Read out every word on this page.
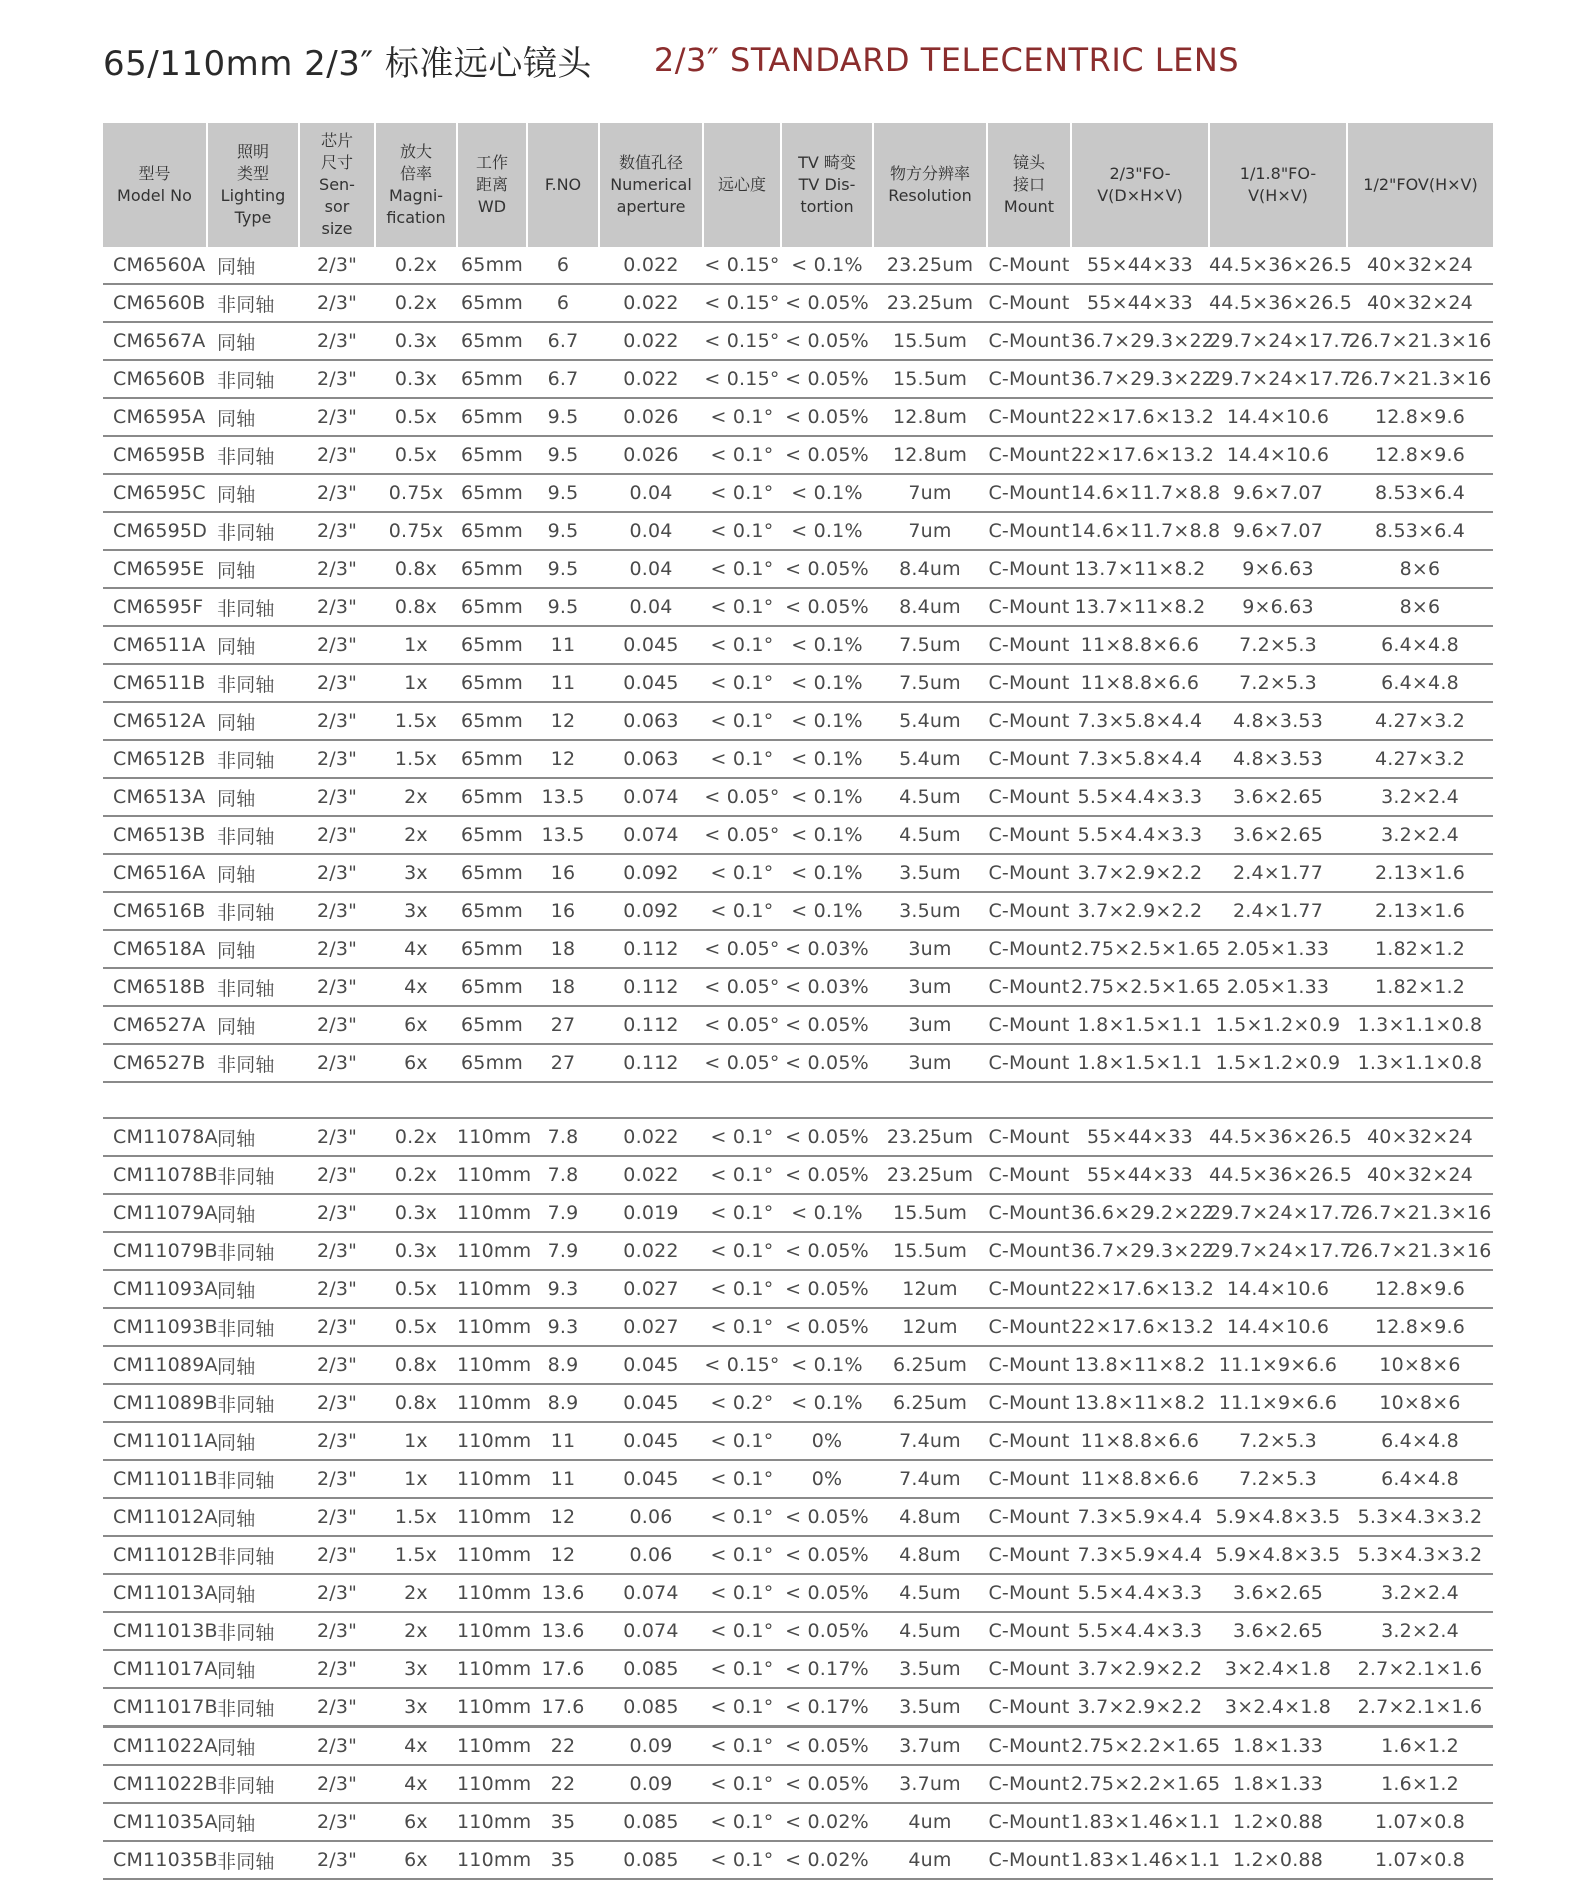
65/110mm 2/3″ 标准远心镜头 2/3″ STANDARD TELECENTRIC LENS
型号
Model No	照明
类型
Lighting
Type	芯片
尺寸
Sen-
sor
size	放大
倍率
Magni-
fication	工作
距离
WD	F.NO	数值孔径
Numerical
aperture	远心度	TV 畸变
TV Dis-
tortion	物方分辨率
Resolution	镜头
接口
Mount	2/3"FO-
V(D×H×V)	1/1.8"FO-
V(H×V)	1/2"FOV(H×V)
CM6560A	同轴	2/3"	0.2x	65mm	6	0.022	< 0.15°	< 0.1%	23.25um	C-Mount	55×44×33	44.5×36×26.5	40×32×24
CM6560B	非同轴	2/3"	0.2x	65mm	6	0.022	< 0.15°	< 0.05%	23.25um	C-Mount	55×44×33	44.5×36×26.5	40×32×24
CM6567A	同轴	2/3"	0.3x	65mm	6.7	0.022	< 0.15°	< 0.05%	15.5um	C-Mount	36.7×29.3×22	29.7×24×17.7	26.7×21.3×16
CM6560B	非同轴	2/3"	0.3x	65mm	6.7	0.022	< 0.15°	< 0.05%	15.5um	C-Mount	36.7×29.3×22	29.7×24×17.7	26.7×21.3×16
CM6595A	同轴	2/3"	0.5x	65mm	9.5	0.026	< 0.1°	< 0.05%	12.8um	C-Mount	22×17.6×13.2	14.4×10.6	12.8×9.6
CM6595B	非同轴	2/3"	0.5x	65mm	9.5	0.026	< 0.1°	< 0.05%	12.8um	C-Mount	22×17.6×13.2	14.4×10.6	12.8×9.6
CM6595C	同轴	2/3"	0.75x	65mm	9.5	0.04	< 0.1°	< 0.1%	7um	C-Mount	14.6×11.7×8.8	9.6×7.07	8.53×6.4
CM6595D	非同轴	2/3"	0.75x	65mm	9.5	0.04	< 0.1°	< 0.1%	7um	C-Mount	14.6×11.7×8.8	9.6×7.07	8.53×6.4
CM6595E	同轴	2/3"	0.8x	65mm	9.5	0.04	< 0.1°	< 0.05%	8.4um	C-Mount	13.7×11×8.2	9×6.63	8×6
CM6595F	非同轴	2/3"	0.8x	65mm	9.5	0.04	< 0.1°	< 0.05%	8.4um	C-Mount	13.7×11×8.2	9×6.63	8×6
CM6511A	同轴	2/3"	1x	65mm	11	0.045	< 0.1°	< 0.1%	7.5um	C-Mount	11×8.8×6.6	7.2×5.3	6.4×4.8
CM6511B	非同轴	2/3"	1x	65mm	11	0.045	< 0.1°	< 0.1%	7.5um	C-Mount	11×8.8×6.6	7.2×5.3	6.4×4.8
CM6512A	同轴	2/3"	1.5x	65mm	12	0.063	< 0.1°	< 0.1%	5.4um	C-Mount	7.3×5.8×4.4	4.8×3.53	4.27×3.2
CM6512B	非同轴	2/3"	1.5x	65mm	12	0.063	< 0.1°	< 0.1%	5.4um	C-Mount	7.3×5.8×4.4	4.8×3.53	4.27×3.2
CM6513A	同轴	2/3"	2x	65mm	13.5	0.074	< 0.05°	< 0.1%	4.5um	C-Mount	5.5×4.4×3.3	3.6×2.65	3.2×2.4
CM6513B	非同轴	2/3"	2x	65mm	13.5	0.074	< 0.05°	< 0.1%	4.5um	C-Mount	5.5×4.4×3.3	3.6×2.65	3.2×2.4
CM6516A	同轴	2/3"	3x	65mm	16	0.092	< 0.1°	< 0.1%	3.5um	C-Mount	3.7×2.9×2.2	2.4×1.77	2.13×1.6
CM6516B	非同轴	2/3"	3x	65mm	16	0.092	< 0.1°	< 0.1%	3.5um	C-Mount	3.7×2.9×2.2	2.4×1.77	2.13×1.6
CM6518A	同轴	2/3"	4x	65mm	18	0.112	< 0.05°	< 0.03%	3um	C-Mount	2.75×2.5×1.65	2.05×1.33	1.82×1.2
CM6518B	非同轴	2/3"	4x	65mm	18	0.112	< 0.05°	< 0.03%	3um	C-Mount	2.75×2.5×1.65	2.05×1.33	1.82×1.2
CM6527A	同轴	2/3"	6x	65mm	27	0.112	< 0.05°	< 0.05%	3um	C-Mount	1.8×1.5×1.1	1.5×1.2×0.9	1.3×1.1×0.8
CM6527B	非同轴	2/3"	6x	65mm	27	0.112	< 0.05°	< 0.05%	3um	C-Mount	1.8×1.5×1.1	1.5×1.2×0.9	1.3×1.1×0.8

CM11078A	同轴	2/3"	0.2x	110mm	7.8	0.022	< 0.1°	< 0.05%	23.25um	C-Mount	55×44×33	44.5×36×26.5	40×32×24
CM11078B	非同轴	2/3"	0.2x	110mm	7.8	0.022	< 0.1°	< 0.05%	23.25um	C-Mount	55×44×33	44.5×36×26.5	40×32×24
CM11079A	同轴	2/3"	0.3x	110mm	7.9	0.019	< 0.1°	< 0.1%	15.5um	C-Mount	36.6×29.2×22	29.7×24×17.7	26.7×21.3×16
CM11079B	非同轴	2/3"	0.3x	110mm	7.9	0.022	< 0.1°	< 0.05%	15.5um	C-Mount	36.7×29.3×22	29.7×24×17.7	26.7×21.3×16
CM11093A	同轴	2/3"	0.5x	110mm	9.3	0.027	< 0.1°	< 0.05%	12um	C-Mount	22×17.6×13.2	14.4×10.6	12.8×9.6
CM11093B	非同轴	2/3"	0.5x	110mm	9.3	0.027	< 0.1°	< 0.05%	12um	C-Mount	22×17.6×13.2	14.4×10.6	12.8×9.6
CM11089A	同轴	2/3"	0.8x	110mm	8.9	0.045	< 0.15°	< 0.1%	6.25um	C-Mount	13.8×11×8.2	11.1×9×6.6	10×8×6
CM11089B	非同轴	2/3"	0.8x	110mm	8.9	0.045	< 0.2°	< 0.1%	6.25um	C-Mount	13.8×11×8.2	11.1×9×6.6	10×8×6
CM11011A	同轴	2/3"	1x	110mm	11	0.045	< 0.1°	0%	7.4um	C-Mount	11×8.8×6.6	7.2×5.3	6.4×4.8
CM11011B	非同轴	2/3"	1x	110mm	11	0.045	< 0.1°	0%	7.4um	C-Mount	11×8.8×6.6	7.2×5.3	6.4×4.8
CM11012A	同轴	2/3"	1.5x	110mm	12	0.06	< 0.1°	< 0.05%	4.8um	C-Mount	7.3×5.9×4.4	5.9×4.8×3.5	5.3×4.3×3.2
CM11012B	非同轴	2/3"	1.5x	110mm	12	0.06	< 0.1°	< 0.05%	4.8um	C-Mount	7.3×5.9×4.4	5.9×4.8×3.5	5.3×4.3×3.2
CM11013A	同轴	2/3"	2x	110mm	13.6	0.074	< 0.1°	< 0.05%	4.5um	C-Mount	5.5×4.4×3.3	3.6×2.65	3.2×2.4
CM11013B	非同轴	2/3"	2x	110mm	13.6	0.074	< 0.1°	< 0.05%	4.5um	C-Mount	5.5×4.4×3.3	3.6×2.65	3.2×2.4
CM11017A	同轴	2/3"	3x	110mm	17.6	0.085	< 0.1°	< 0.17%	3.5um	C-Mount	3.7×2.9×2.2	3×2.4×1.8	2.7×2.1×1.6
CM11017B	非同轴	2/3"	3x	110mm	17.6	0.085	< 0.1°	< 0.17%	3.5um	C-Mount	3.7×2.9×2.2	3×2.4×1.8	2.7×2.1×1.6
CM11022A	同轴	2/3"	4x	110mm	22	0.09	< 0.1°	< 0.05%	3.7um	C-Mount	2.75×2.2×1.65	1.8×1.33	1.6×1.2
CM11022B	非同轴	2/3"	4x	110mm	22	0.09	< 0.1°	< 0.05%	3.7um	C-Mount	2.75×2.2×1.65	1.8×1.33	1.6×1.2
CM11035A	同轴	2/3"	6x	110mm	35	0.085	< 0.1°	< 0.02%	4um	C-Mount	1.83×1.46×1.1	1.2×0.88	1.07×0.8
CM11035B	非同轴	2/3"	6x	110mm	35	0.085	< 0.1°	< 0.02%	4um	C-Mount	1.83×1.46×1.1	1.2×0.88	1.07×0.8
